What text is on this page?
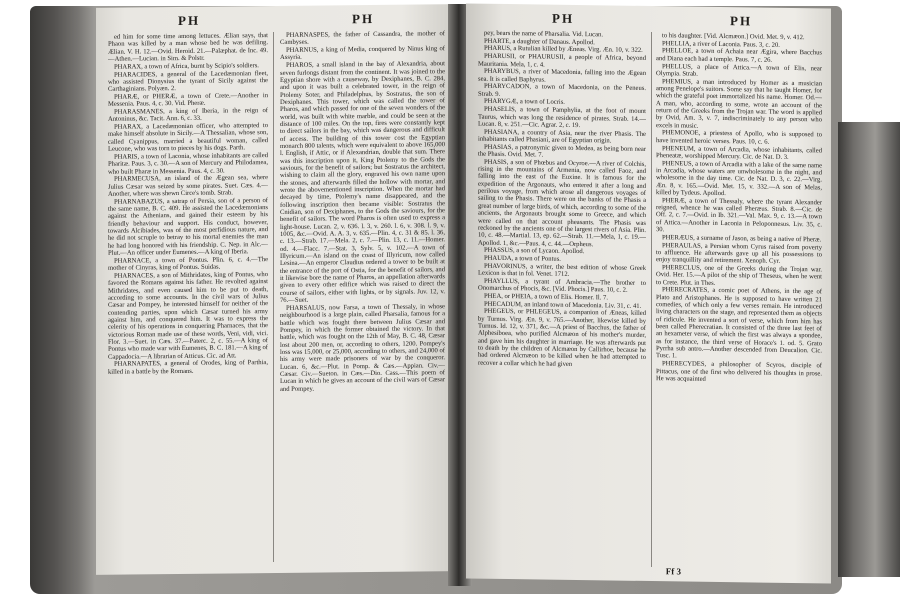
PH	PH

ed him for some time among lettuces. Ælian says, that Phaon was killed by a man whose bed he was defiling. Ælian. V. H. 12.—Ovid. Heroid. 21.—Palæphat. de Inc. 49.—Athen.—Lucian. in Sim. & Polstr.

PHARAX, a town of Africa, burnt by Scipio's soldiers.

PHARACIDES, a general of the Lacedæmonian fleet, who assisted Dionysius the tyrant of Sicily against the Carthaginians. Polyæn. 2.

PHARÆ, or PHERÆ, a town of Crete.—Another in Messenia. Paus. 4, c. 30. Vid. Pheræ.

PHARASMANES, a king of Iberia, in the reign of Antoninus, &c. Tacit. Ann. 6, c. 33.

PHARAX, a Lacedæmonian officer, who attempted to make himself absolute in Sicily.—A Thessalian, whose son, called Cyanippus, married a beautiful woman, called Leucone, who was torn to pieces by his dogs. Parth.

PHARIS, a town of Laconia, whose inhabitants are called Pharitæ. Paus. 3, c. 30.—A son of Mercury and Philodamea, who built Pharæ in Messenia. Paus. 4, c. 30.

PHARMECUSA, an island of the Ægean sea, where Julius Cæsar was seized by some pirates. Suet. Cæs. 4.—Another, where was shewn Circe's tomb. Strab.

PHARNABAZUS, a satrap of Persia, son of a person of the same name, B. C. 409. He assisted the Lacedæmonians against the Athenians, and gained their esteem by his friendly behaviour and support. His conduct, however, towards Alcibiades, was of the most perfidious nature, and he did not scruple to betray to his mortal enemies the man he had long honored with his friendship. C. Nep. in Alc.—Plut.—An officer under Eumenes.—A king of Iberia.

PHARNACE, a town of Pontus. Plin. 6, c. 4.—The mother of Cinyras, king of Pontus. Suidas.

PHARNACES, a son of Mithridates, king of Pontus, who favored the Romans against his father. He revolted against Mithridates, and even caused him to be put to death, according to some accounts. In the civil wars of Julius Cæsar and Pompey, he interested himself for neither of the contending parties, upon which Cæsar turned his army against him, and conquered him. It was to express the celerity of his operations in conquering Pharnaces, that the victorious Roman made use of these words, Veni, vidi, vici. Flor. 3.—Suet. in Cæs. 37.—Paterc. 2, c. 55.—A king of Pontus who made war with Eumenes, B. C. 181.—A king of Cappadocia.—A librarian of Atticus. Cic. ad Att.

PHARNAPATES, a general of Orodes, king of Parthia, killed in a battle by the Romans.

PHARNASPES, the father of Cassandra, the mother of Cambyses.

PHARNUS, a king of Media, conquered by Ninus king of Assyria.

PHAROS, a small island in the bay of Alexandria, about seven furlongs distant from the continent. It was joined to the Egyptian shore with a causeway, by Dexiphanes, B. C. 284, and upon it was built a celebrated tower, in the reign of Ptolemy Soter, and Philadelphus, by Sostratus, the son of Dexiphanes. This tower, which was called the tower of Pharos, and which passed for one of the seven wonders of the world, was built with white marble, and could be seen at the distance of 100 miles. On the top, fires were constantly kept to direct sailors in the bay, which was dangerous and difficult of access. The building of this tower cost the Egyptian monarch 800 talents, which were equivalent to above 165,000 l. English, if Attic, or if Alexandrian, double that sum. There was this inscription upon it, King Ptolemy to the Gods the saviours, for the benefit of sailors; but Sostratus the architect, wishing to claim all the glory, engraved his own name upon the stones, and afterwards filled the hollow with mortar, and wrote the abovementioned inscription. When the mortar had decayed by time, Ptolemy's name disappeared, and the following inscription then became visible: Sostratus the Cnidian, son of Dexiphanes, to the Gods the saviours, for the benefit of sailors. The word Pharos is often used to express a light-house. Lucan. 2, v. 636. l. 3, v. 260. l. 6, v. 308. l. 9, v. 1005, &c.—Ovid. A. A. 3, v. 635.—Plin. 4, c. 31 & 85. l. 36, c. 13.—Strab. 17.—Mela. 2, c. 7.—Plin. 13, c. 11.—Homer. od. 4.—Flacc. 7.—Stat. 3, Sylv. 5, v. 102.—A town of Illyricum.—An island on the coast of Illyricum, now called Lesina.—An emperor Claudius ordered a tower to be built at the entrance of the port of Ostia, for the benefit of sailors, and it likewise bore the name of Pharos, an appellation afterwards given to every other edifice which was raised to direct the course of sailors, either with lights, or by signals. Juv. 12, v. 76.—Suet.

PHARSALUS, now Farsa, a town of Thessaly, in whose neighbourhood is a large plain, called Pharsalia, famous for a battle which was fought there between Julius Cæsar and Pompey, in which the former obtained the victory. In that battle, which was fought on the 12th of May, B. C. 48, Cæsar lost about 200 men, or, according to others, 1200. Pompey's loss was 15,000, or 25,000, according to others, and 24,000 of his army were made prisoners of war by the conqueror. Lucan. 6, &c.—Plut. in Pomp. & Cæs.—Appian. Civ.—Cæsar. Civ.—Sueton. in Cæs.—Dio. Cass.—This poem of Lucan in which he gives an account of the civil wars of Cæsar and Pompey.

PH	PH

pey, bears the name of Pharsalia. Vid. Lucan.

PHARTE, a daughter of Danaus. Apollod.

PHARUS, a Rutulian killed by Æneas. Virg. Æn. 10, v. 322.

PHARUSII, or PHAURUSII, a people of Africa, beyond Mauritania. Mela, 1, c. 4.

PHARYBUS, a river of Macedonia, falling into the Ægean sea. It is called Baphyrus.

PHARYCADON, a town of Macedonia, on the Peneus. Strab. 9.

PHARYGÆ, a town of Locris.

PHASELIS, a town of Pamphylia, at the foot of mount Taurus, which was long the residence of pirates. Strab. 14.—Lucan. 8, v. 251.—Cic. Agrar. 2, c. 19.

PHASIANA, a country of Asia, near the river Phasis. The inhabitants called Phasiani, are of Egyptian origin.

PHASIAS, a patronymic given to Medea, as being born near the Phasis. Ovid. Met. 7.

PHASIS, a son of Phœbus and Ocyroe.—A river of Colchis, rising in the mountains of Armenia, now called Faoz, and falling into the east of the Euxine. It is famous for the expedition of the Argonauts, who entered it after a long and perilous voyage, from which arose all dangerous voyages of sailing to the Phasis. There were on the banks of the Phasis a great number of large birds, of which, according to some of the ancients, the Argonauts brought some to Greece, and which were called on that account pheasants. The Phasis was reckoned by the ancients one of the largest rivers of Asia. Plin. 10, c. 48.—Martial. 13, ep. 62.—Strab. 11.—Mela, 1, c. 19.—Apollod. 1, &c.—Paus. 4, c. 44.—Orpheus.

PHASSUS, a son of Lycaon. Apollod.

PHAUDA, a town of Pontus.

PHAVORINUS, a writer, the best edition of whose Greek Lexicon is that in fol. Venet. 1712.

PHAYLLUS, a tyrant of Ambracia.—The brother to Onomarchus of Phocis, &c. [Vid. Phocis.] Paus. 10, c. 2.

PHEA, or PHEIA, a town of Elis. Homer. Il. 7.

PHECADUM, an inland town of Macedonia. Liv. 31, c. 41.

PHEGEUS, or PHLEGEUS, a companion of Æneas, killed by Turnus. Virg. Æn. 9, v. 765.—Another, likewise killed by Turnus. Id. 12, v. 371, &c.—A priest of Bacchus, the father of Alphesiboea, who purified Alcmæon of his mother's murder, and gave him his daughter in marriage. He was afterwards put to death by the children of Alcmæon by Callirhoe, because he had ordered Alcmæon to be killed when he had attempted to recover a collar which he had given

to his daughter. [Vid. Alcmæon.] Ovid. Met. 9, v. 412.

PHELLIA, a river of Laconia. Paus. 3, c. 20.

PHELLOE, a town of Achaia near Ægira, where Bacchus and Diana each had a temple. Paus. 7, c. 26.

PHELLUS, a place of Attica.—A town of Elis, near Olympia. Strab.

PHEMIUS, a man introduced by Homer as a musician among Penelope's suitors. Some say that he taught Homer, for which the grateful poet immortalized his name. Homer. Od.—A man, who, according to some, wrote an account of the return of the Greeks from the Trojan war. The word is applied by Ovid, Am. 3, v. 7, indiscriminately to any person who excels in music.

PHEMONOE, a priestess of Apollo, who is supposed to have invented heroic verses. Paus. 10, c. 6.

PHENEUM, a town of Arcadia, whose inhabitants, called Pheneatæ, worshipped Mercury. Cic. de Nat. D. 3.

PHENEUS, a town of Arcadia with a lake of the same name in Arcadia, whose waters are unwholesome in the night, and wholesome in the day time. Cic. de Nat. D. 3, c. 22.—Virg. Æn. 8, v. 165.—Ovid. Met. 15, v. 332.—A son of Melas, killed by Tydeus. Apollod.

PHERÆ, a town of Thessaly, where the tyrant Alexander reigned, whence he was called Pheræus. Strab. 8.—Cic. de Off. 2, c. 7.—Ovid. in Ib. 321.—Val. Max. 9, c. 13.—A town of Attica.—Another in Laconia in Peloponnesus. Liv. 35, c. 30.

PHERÆUS, a surname of Jason, as being a native of Pheræ.

PHERAULAS, a Persian whom Cyrus raised from poverty to affluence. He afterwards gave up all his possessions to enjoy tranquillity and retirement. Xenoph. Cyr.

PHERECLUS, one of the Greeks during the Trojan war. Ovid. Her. 15.—A pilot of the ship of Theseus, when he went to Crete. Plut. in Thes.

PHERECRATES, a comic poet of Athens, in the age of Plato and Aristophanes. He is supposed to have written 21 comedies, of which only a few verses remain. He introduced living characters on the stage, and represented them as objects of ridicule. He invented a sort of verse, which from him has been called Pherecratian. It consisted of the three last feet of an hexameter verse, of which the first was always a spondee, as for instance, the third verse of Horace's 1. od. 5. Grato Pyrrha sub antro.—Another descended from Deucalion. Cic. Tusc. 1.

PHERECYDES, a philosopher of Scyros, disciple of Pittacus, one of the first who delivered his thoughts in prose. He was acquainted

Ff 3
